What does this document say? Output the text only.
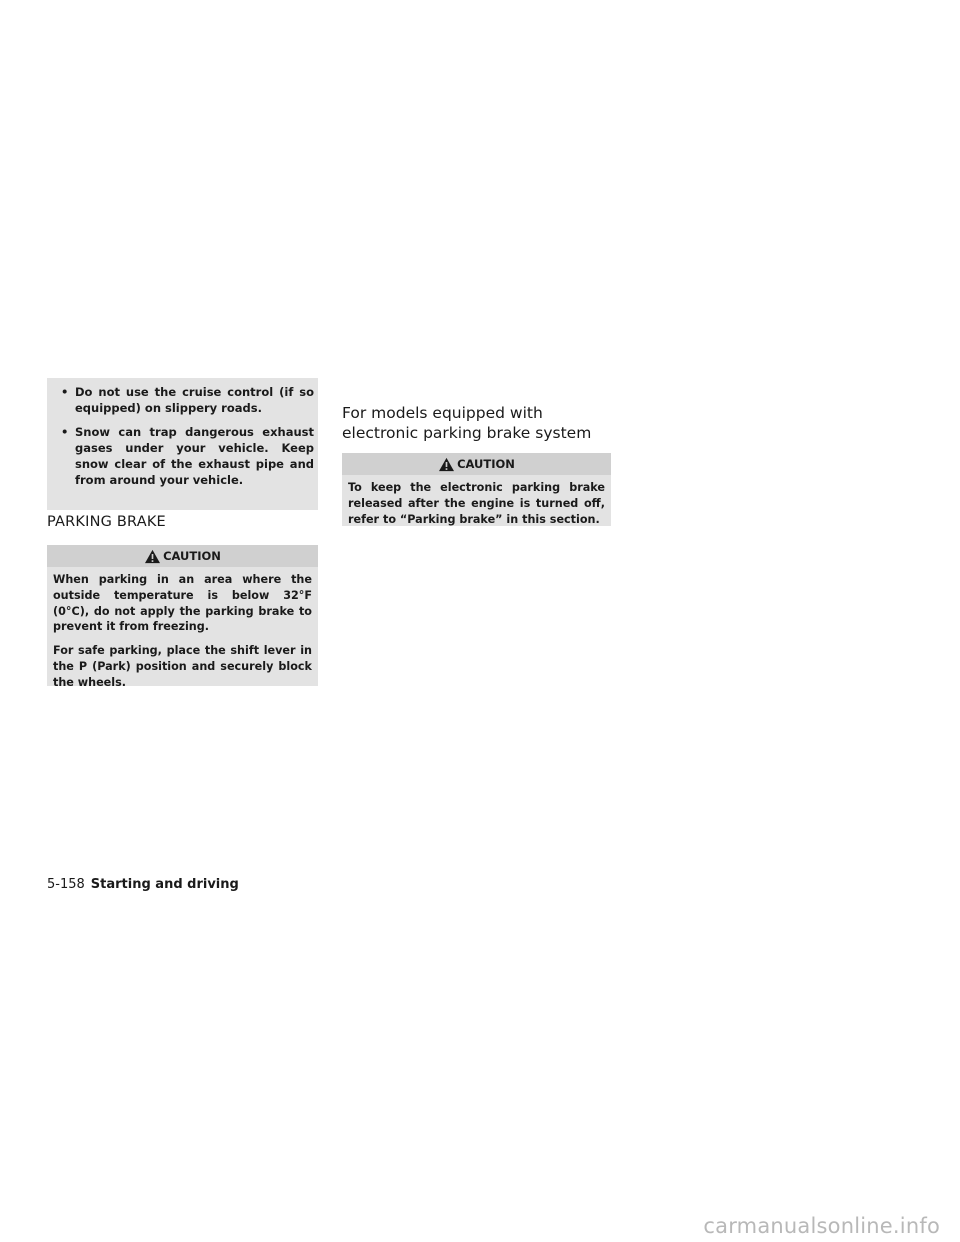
• Do not use the cruise control (if so equipped) on slippery roads.
• Snow can trap dangerous exhaust gases under your vehicle. Keep snow clear of the exhaust pipe and from around your vehicle.
PARKING BRAKE
CAUTION

When parking in an area where the outside temperature is below 32°F (0°C), do not apply the parking brake to prevent it from freezing.

For safe parking, place the shift lever in the P (Park) position and securely block the wheels.

For models equipped with electronic parking brake system
CAUTION

To keep the electronic parking brake released after the engine is turned off, refer to “Parking brake” in this section.

5-158 Starting and driving
carmanualsonline.info
